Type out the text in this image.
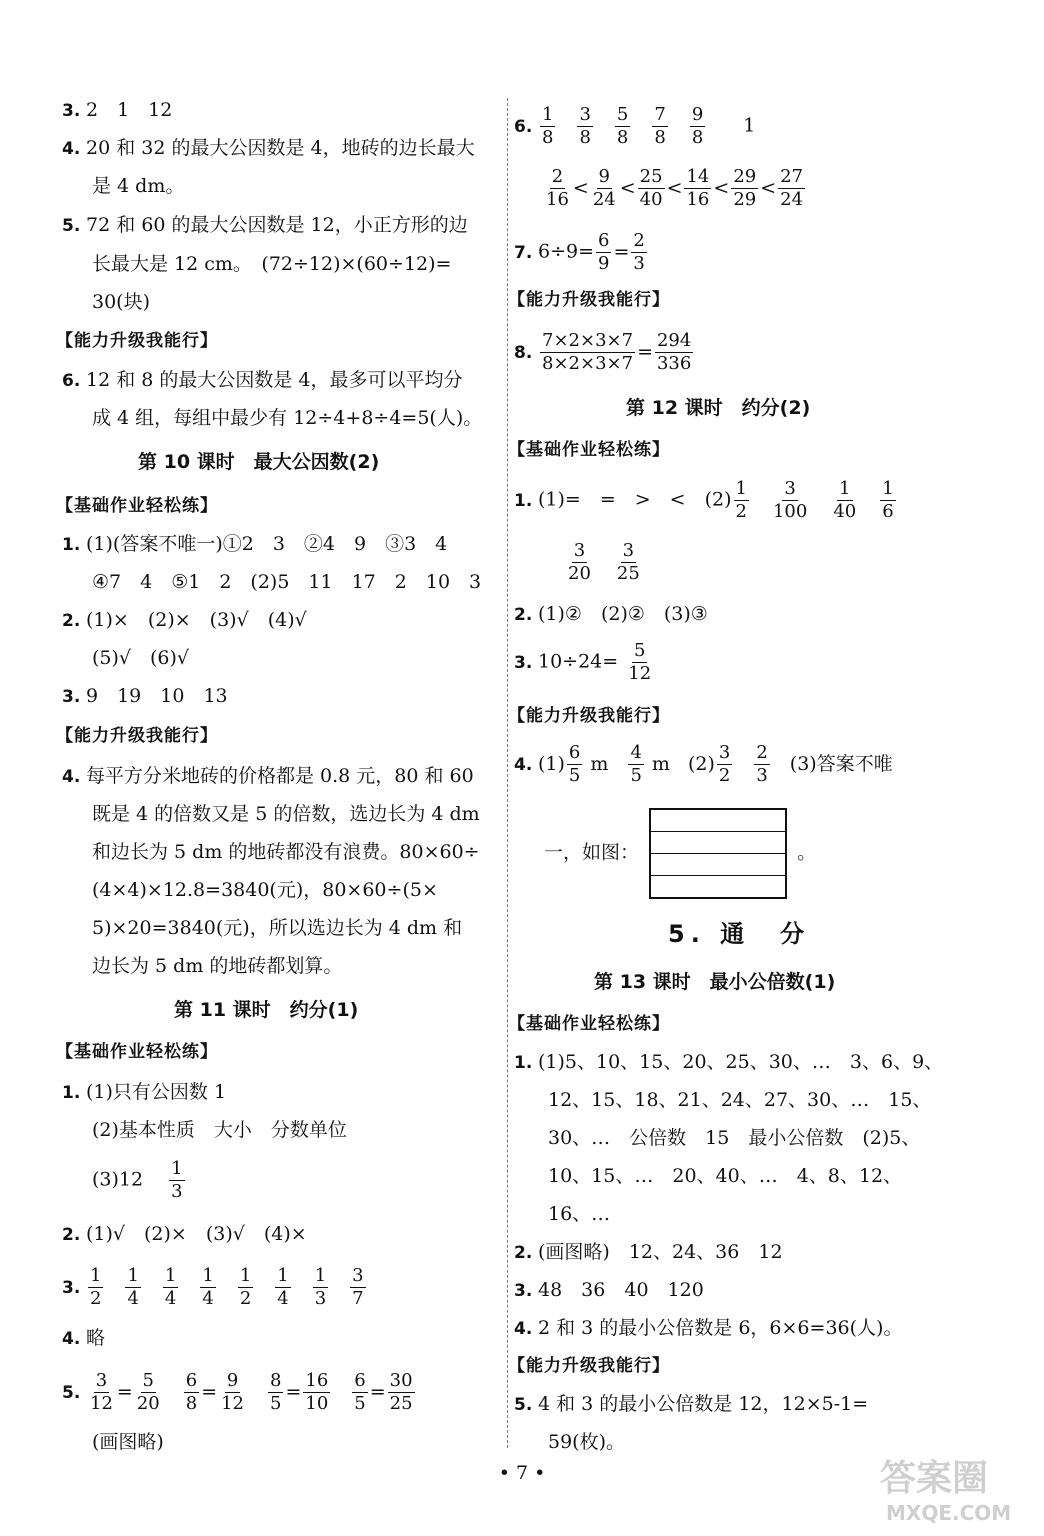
3. 2　1　12
4. 20 和 32 的最大公因数是 4，地砖的边长最大
是 4 dm。
5. 72 和 60 的最大公因数是 12，小正方形的边
长最大是 12 cm。　(72÷12)×(60÷12)=
30(块)
【能力升级我能行】
6. 12 和 8 的最大公因数是 4，最多可以平均分
成 4 组，每组中最少有 12÷4+8÷4=5(人)。
第 10 课时　最大公因数(2)
【基础作业轻松练】
1. (1)(答案不唯一)①2　3　②4　9　③3　4
④7　4　⑤1　2　(2)5　11　17　2　10　3
2. (1)×　(2)×　(3)√　(4)√
(5)√　(6)√
3. 9　19　10　13
【能力升级我能行】
4. 每平方分米地砖的价格都是 0.8 元，80 和 60
既是 4 的倍数又是 5 的倍数，选边长为 4 dm
和边长为 5 dm 的地砖都没有浪费。80×60÷
(4×4)×12.8=3840(元)，80×60÷(5×
5)×20=3840(元)，所以选边长为 4 dm 和
边长为 5 dm 的地砖都划算。
第 11 课时　约分(1)
【基础作业轻松练】
1. (1)只有公因数 1
(2)基本性质　大小　分数单位
$(3)12 \frac{1}{3}$
2. (1)√　(2)×　(3)√　(4)×
3. $\frac{1}{2} \frac{1}{4} \frac{1}{4} \frac{1}{4} \frac{1}{2} \frac{1}{4} \frac{1}{3} \frac{3}{7}$
4. 略
5. $\frac{3}{12} = \frac{5}{20} \frac{6}{8} = \frac{9}{12} \frac{8}{5} = \frac{16}{10} \frac{6}{5} = \frac{30}{25}$
(画图略)
6. $\frac{1}{8} \frac{3}{8} \frac{5}{8} \frac{7}{8} \frac{9}{8} 1$
$\frac{2}{16} < \frac{9}{24} < \frac{25}{40} < \frac{14}{16} < \frac{29}{29} < \frac{27}{24}$
7. $6\div 9= \frac{6}{9} = \frac{2}{3}$
【能力升级我能行】
8. $\frac{7\times 2\times 3\times 7}{8\times 2\times 3\times 7} = \frac{294}{336}$
第 12 课时　约分(2)
【基础作业轻松练】
1. (1)=　=　>　<　$(2) \frac{1}{2} \frac{3}{100} \frac{1}{40} \frac{1}{6}$
$\frac{3}{20} \frac{3}{25}$
2. (1)②　(2)②　(3)③
3. $10\div 24= \frac{5}{12}$
【能力升级我能行】
4. $(1) \frac{6}{5}$ m $\frac{4}{5}$ m $(2) \frac{3}{2} \frac{2}{3} (3)$答案不唯
一，如图：	。
5. 通　分
第 13 课时　最小公倍数(1)
【基础作业轻松练】
1. (1)5、10、15、20、25、30、…　3、6、9、
12、15、18、21、24、27、30、…　15、
30、…　公倍数　15　最小公倍数　(2)5、
10、15、…　20、40、…　4、8、12、
16、…
2. (画图略)　12、24、36　12
3. 48　36　40　120
4. 2 和 3 的最小公倍数是 6，6×6=36(人)。
【能力升级我能行】
5. 4 和 3 的最小公倍数是 12，12×5-1=
59(枚)。
• 7 •	答案圈
MXQE.COM
